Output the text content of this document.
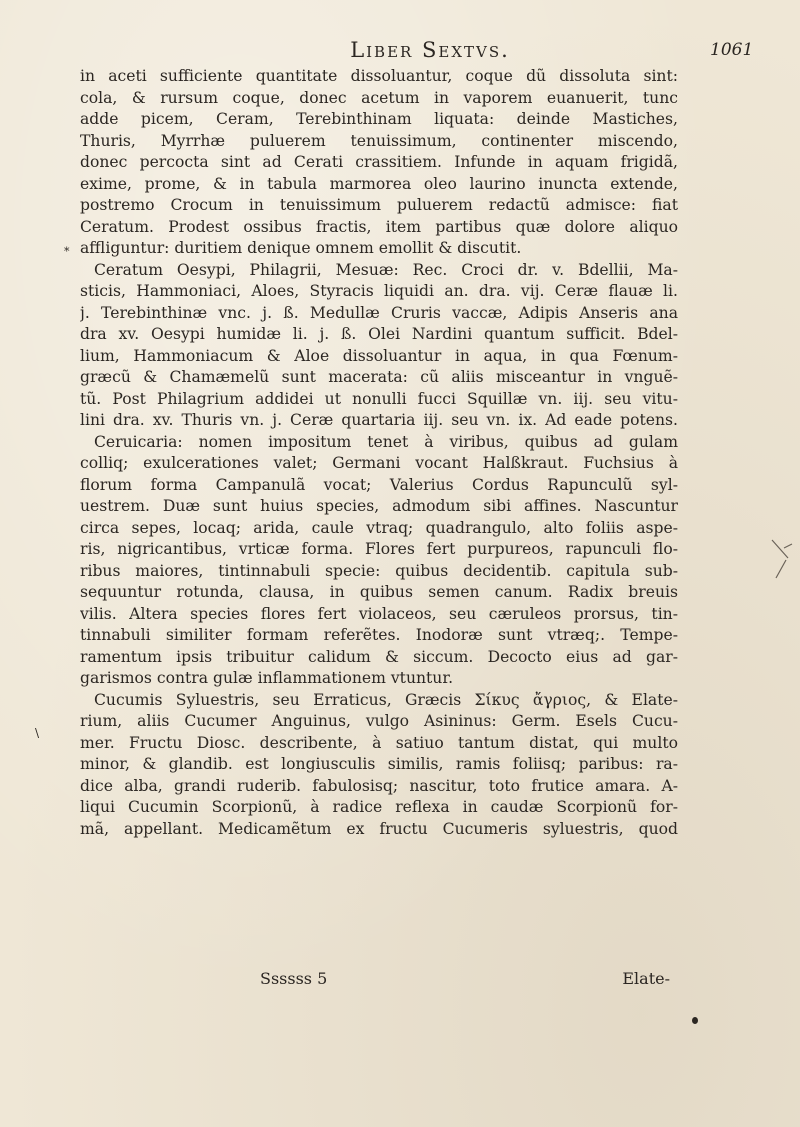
Liber Sextvs.	1061
*
\
in aceti sufficiente quantitate dissoluantur, coque dũ dissoluta sint:
cola, & rursum coque, donec acetum in vaporem euanuerit, tunc
adde picem, Ceram, Terebinthinam liquata: deinde Mastiches,
Thuris, Myrrhæ puluerem tenuissimum, continenter miscendo,
donec percocta sint ad Cerati crassitiem. Infunde in aquam frigidã,
exime, prome, & in tabula marmorea oleo laurino inuncta extende,
postremo Crocum in tenuissimum puluerem redactũ admisce: fiat
Ceratum. Prodest ossibus fractis, item partibus quæ dolore aliquo
affliguntur: duritiem denique omnem emollit & discutit.
Ceratum Oesypi, Philagrii, Mesuæ: Rec. Croci dr. v. Bdellii, Ma-
sticis, Hammoniaci, Aloes, Styracis liquidi an. dra. vij. Ceræ flauæ li.
j. Terebinthinæ vnc. j. ß. Medullæ Cruris vaccæ, Adipis Anseris ana
dra xv. Oesypi humidæ li. j. ß. Olei Nardini quantum sufficit. Bdel-
lium, Hammoniacum & Aloe dissoluantur in aqua, in qua Fœnum-
græcũ & Chamæmelũ sunt macerata: cũ aliis misceantur in vnguẽ-
tũ. Post Philagrium addidei ut nonulli fucci Squillæ vn. iij. seu vitu-
lini dra. xv. Thuris vn. j. Ceræ quartaria iij. seu vn. ix. Ad eade potens.
Ceruicaria: nomen impositum tenet à viribus, quibus ad gulam
colliq; exulcerationes valet; Germani vocant Halßkraut. Fuchsius à
florum forma Campanulã vocat; Valerius Cordus Rapunculũ syl-
uestrem. Duæ sunt huius species, admodum sibi affines. Nascuntur
circa sepes, locaq; arida, caule vtraq; quadrangulo, alto foliis aspe-
ris, nigricantibus, vrticæ forma. Flores fert purpureos, rapunculi flo-
ribus maiores, tintinnabuli specie: quibus decidentib. capitula sub-
sequuntur rotunda, clausa, in quibus semen canum. Radix breuis
vilis. Altera species flores fert violaceos, seu cæruleos prorsus, tin-
tinnabuli similiter formam referẽtes. Inodoræ sunt vtræq;. Tempe-
ramentum ipsis tribuitur calidum & siccum. Decocto eius ad gar-
garismos contra gulæ inflammationem vtuntur.
Cucumis Syluestris, seu Erraticus, Græcis Σίκυς ἄγριος, & Elate-
rium, aliis Cucumer Anguinus, vulgo Asininus: Germ. Esels Cucu-
mer. Fructu Diosc. describente, à satiuo tantum distat, qui multo
minor, & glandib. est longiusculis similis, ramis foliisq; paribus: ra-
dice alba, grandi ruderib. fabulosisq; nascitur, toto frutice amara. A-
liqui Cucumin Scorpionũ, à radice reflexa in caudæ Scorpionũ for-
mã, appellant. Medicamẽtum ex fructu Cucumeris syluestris, quod
Ssssss 5	Elate-
